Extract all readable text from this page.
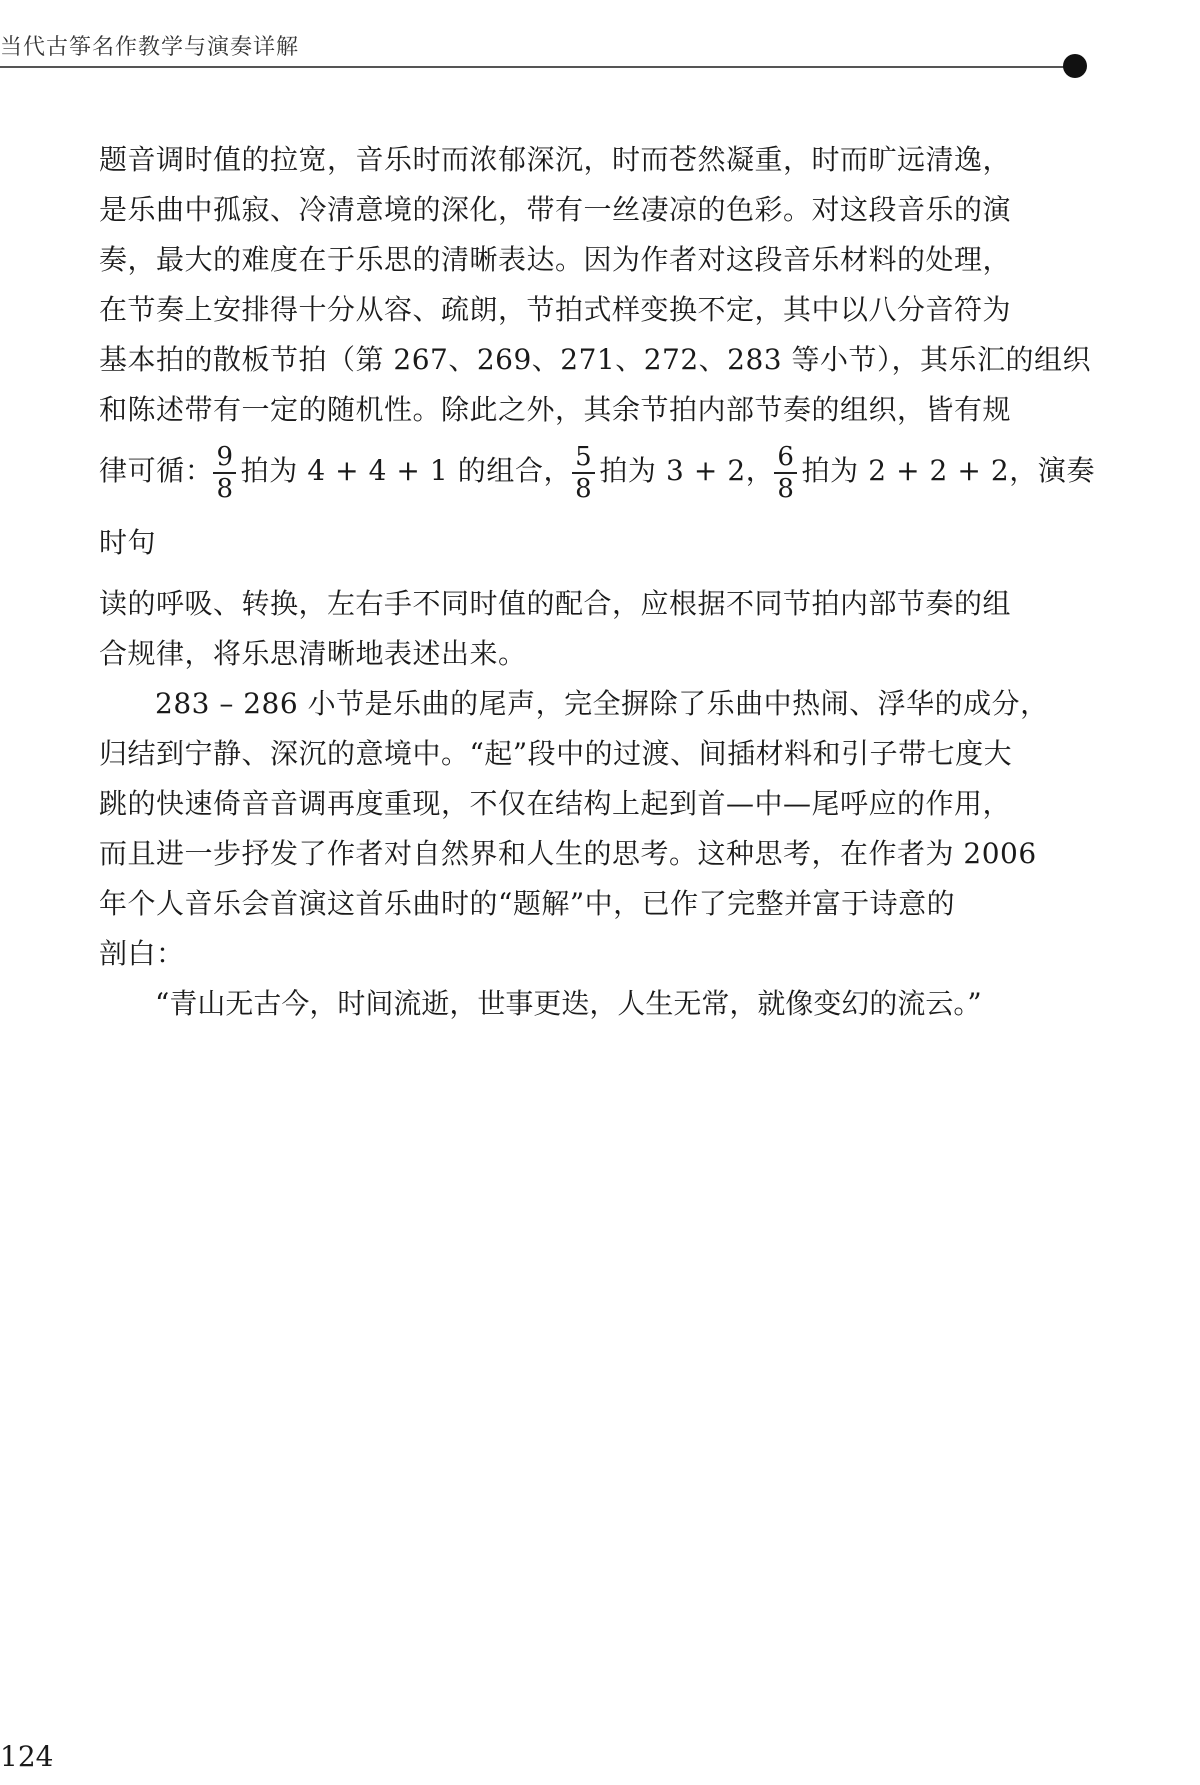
当代古筝名作教学与演奏详解
题音调时值的拉宽，音乐时而浓郁深沉，时而苍然凝重，时而旷远清逸，
是乐曲中孤寂、冷清意境的深化，带有一丝凄凉的色彩。对这段音乐的演
奏，最大的难度在于乐思的清晰表达。因为作者对这段音乐材料的处理，
在节奏上安排得十分从容、疏朗，节拍式样变换不定，其中以八分音符为
基本拍的散板节拍（第 267、269、271、272、283 等小节），其乐汇的组织
和陈述带有一定的随机性。除此之外，其余节拍内部节奏的组织，皆有规
律可循： $\frac{9}{8}$ 拍为 4 + 4 + 1 的组合， $\frac{5}{8}$ 拍为 3 + 2， $\frac{6}{8}$ 拍为 2 + 2 + 2，演奏时句
读的呼吸、转换，左右手不同时值的配合，应根据不同节拍内部节奏的组
合规律，将乐思清晰地表述出来。
283 – 286 小节是乐曲的尾声，完全摒除了乐曲中热闹、浮华的成分，
归结到宁静、深沉的意境中。“起”段中的过渡、间插材料和引子带七度大
跳的快速倚音音调再度重现，不仅在结构上起到首—中—尾呼应的作用，
而且进一步抒发了作者对自然界和人生的思考。这种思考，在作者为 2006
年个人音乐会首演这首乐曲时的“题解”中，已作了完整并富于诗意的
剖白：

“青山无古今，时间流逝，世事更迭，人生无常，就像变幻的流云。”

124
